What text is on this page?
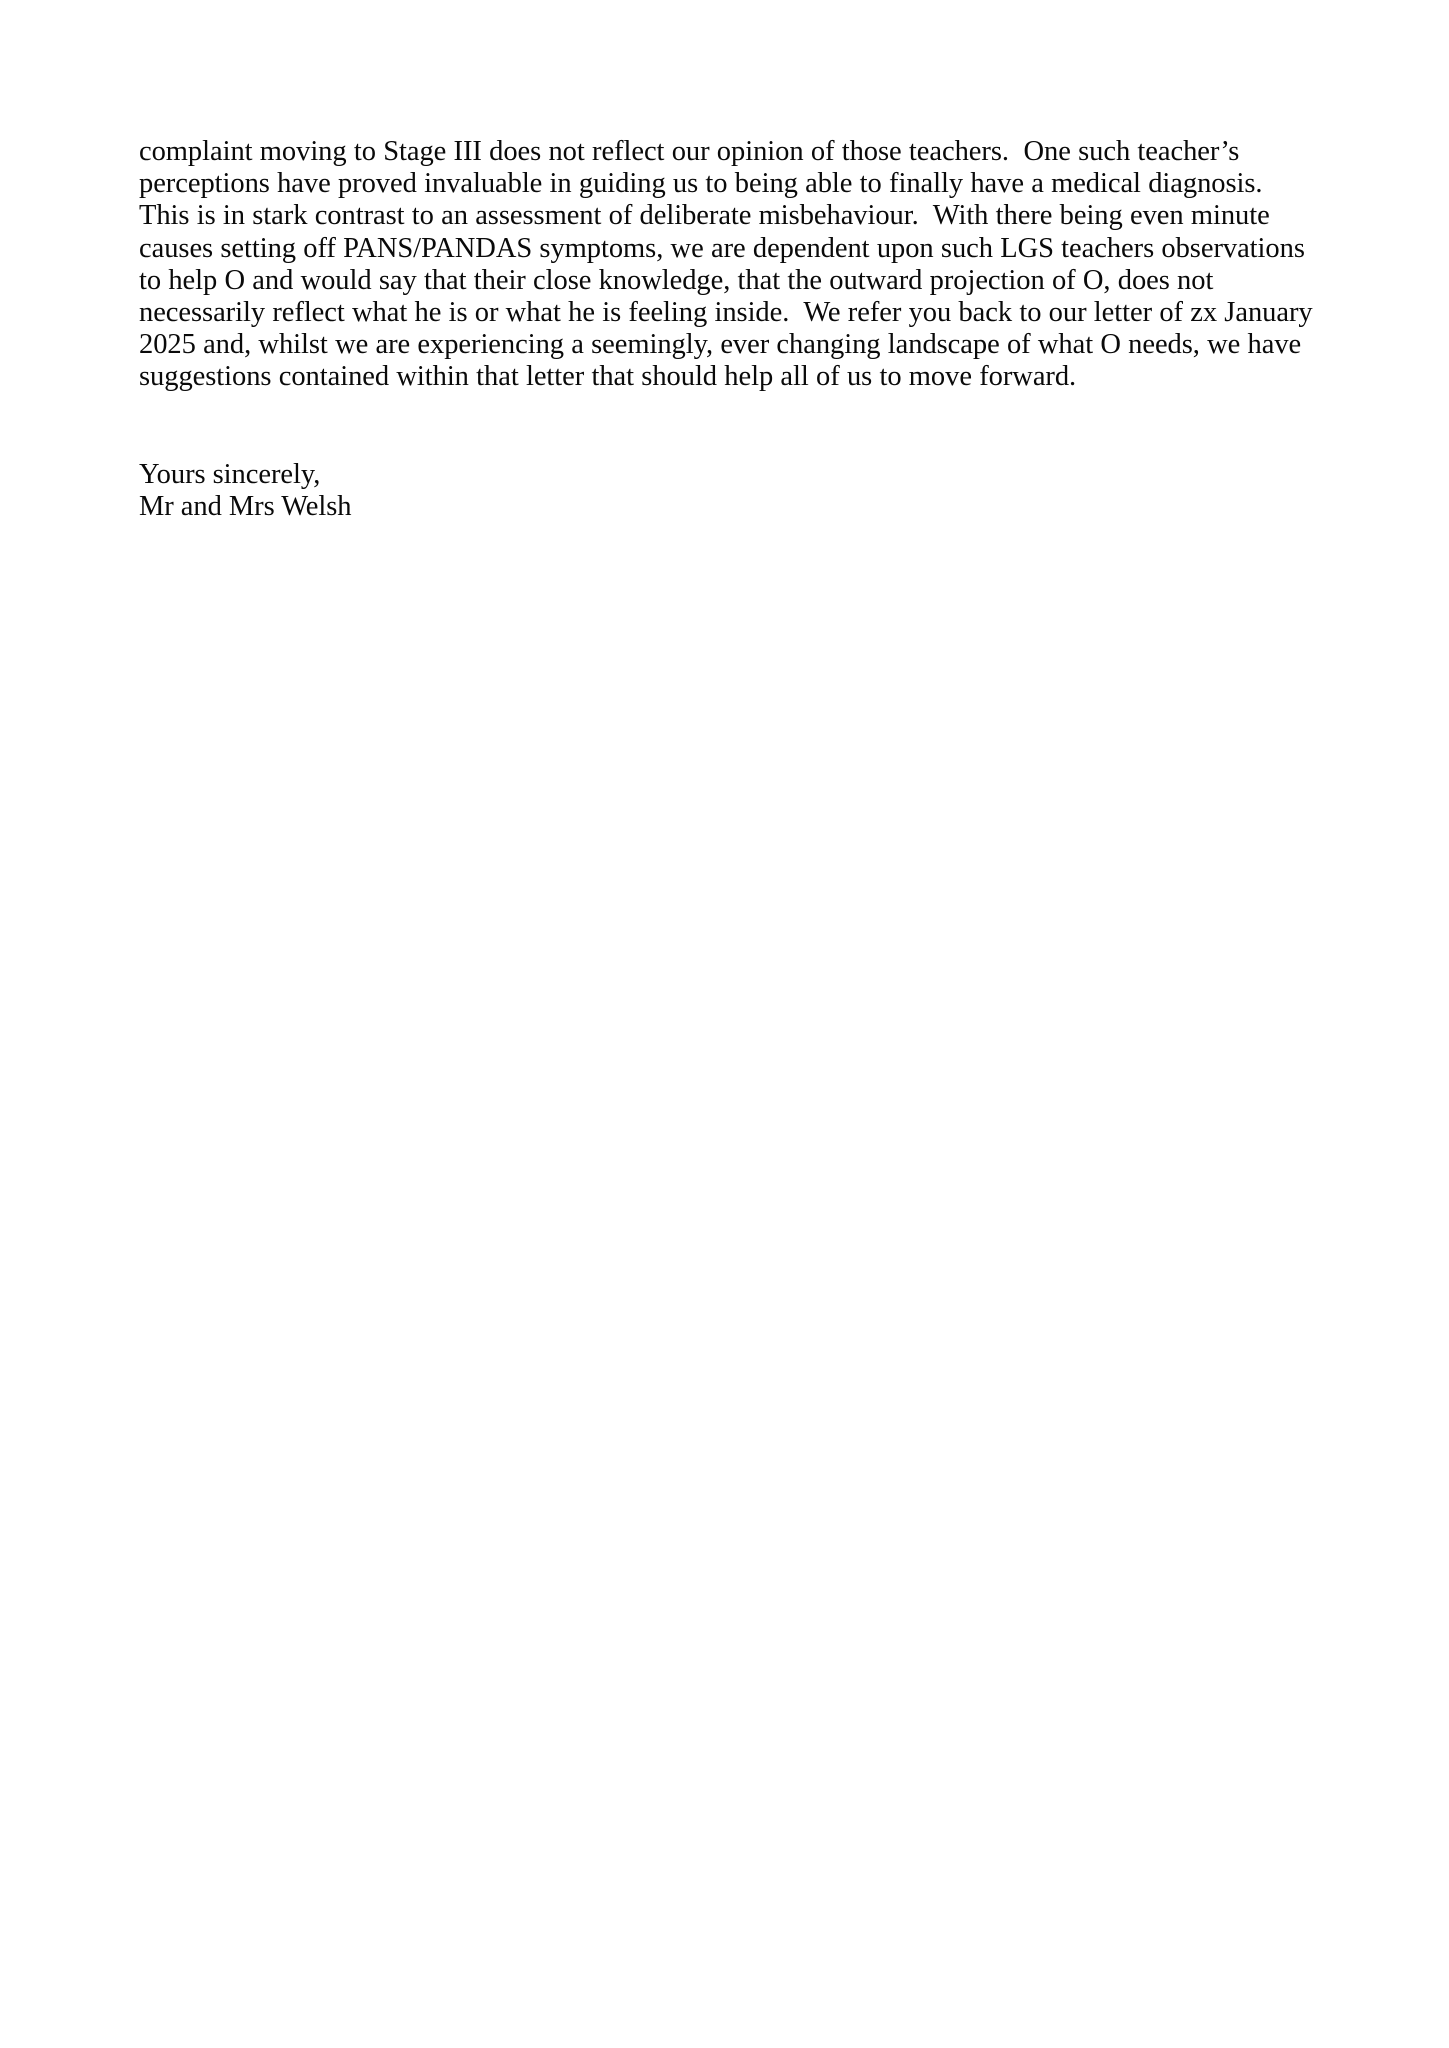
complaint moving to Stage III does not reflect our opinion of those teachers.  One such teacher’s perceptions have proved invaluable in guiding us to being able to finally have a medical diagnosis.  This is in stark contrast to an assessment of deliberate misbehaviour.  With there being even minute causes setting off PANS/PANDAS symptoms, we are dependent upon such LGS teachers observations to help O and would say that their close knowledge, that the outward projection of O, does not necessarily reflect what he is or what he is feeling inside.  We refer you back to our letter of zx January 2025 and, whilst we are experiencing a seemingly, ever changing landscape of what O needs, we have suggestions contained within that letter that should help all of us to move forward.

Yours sincerely,
Mr and Mrs Welsh
